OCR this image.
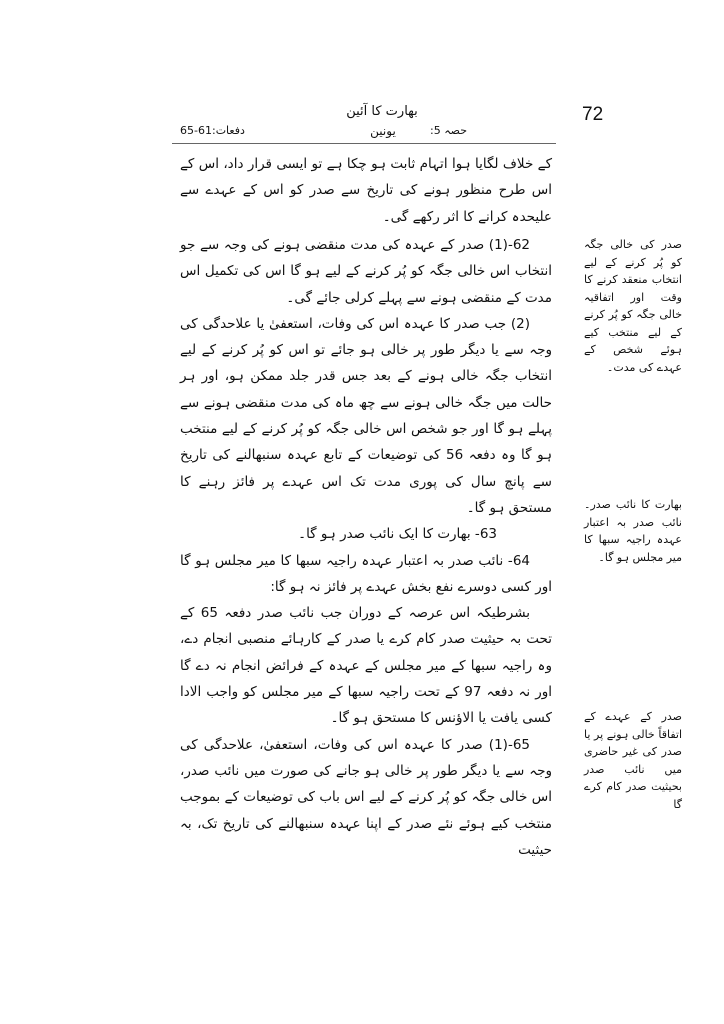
72
بھارت کا آئین
حصہ 5:
یونین
دفعات:61-65

کے خلاف لگایا ہوا اتہام ثابت ہو چکا ہے تو ایسی قرار داد، اس کے اس طرح منظور ہونے کی تاریخ سے صدر کو اس کے عہدے سے علیحدہ کرانے کا اثر رکھے گی۔

62-(1) صدر کے عہدہ کی مدت منقضی ہونے کی وجہ سے جو انتخاب اس خالی جگہ کو پُر کرنے کے لیے ہو گا اس کی تکمیل اس مدت کے منقضی ہونے سے پہلے کرلی جائے گی۔

(2) جب صدر کا عہدہ اس کی وفات، استعفیٰ یا علاحدگی کی وجہ سے یا دیگر طور پر خالی ہو جائے تو اس کو پُر کرنے کے لیے انتخاب جگہ خالی ہونے کے بعد جس قدر جلد ممکن ہو، اور ہر حالت میں جگہ خالی ہونے سے چھ ماہ کی مدت منقضی ہونے سے پہلے ہو گا اور جو شخص اس خالی جگہ کو پُر کرنے کے لیے منتخب ہو گا وہ دفعہ 56 کی توضیعات کے تابع عہدہ سنبھالنے کی تاریخ سے پانچ سال کی پوری مدت تک اس عہدے پر فائز رہنے کا مستحق ہو گا۔

63- بھارت کا ایک نائب صدر ہو گا۔

64- نائب صدر بہ اعتبار عہدہ راجیہ سبھا کا میر مجلس ہو گا اور کسی دوسرے نفع بخش عہدے پر فائز نہ ہو گا:

بشرطیکہ اس عرصہ کے دوران جب نائب صدر دفعہ 65 کے تحت بہ حیثیت صدر کام کرے یا صدر کے کارہائے منصبی انجام دے، وہ راجیہ سبھا کے میر مجلس کے عہدہ کے فرائض انجام نہ دے گا اور نہ دفعہ 97 کے تحت راجیہ سبھا کے میر مجلس کو واجب الادا کسی یافت یا الاؤنس کا مستحق ہو گا۔

65-(1) صدر کا عہدہ اس کی وفات، استعفیٰ، علاحدگی کی وجہ سے یا دیگر طور پر خالی ہو جانے کی صورت میں نائب صدر، اس خالی جگہ کو پُر کرنے کے لیے اس باب کی توضیعات کے بموجب منتخب کیے ہوئے نئے صدر کے اپنا عہدہ سنبھالنے کی تاریخ تک، بہ حیثیت

صدر کی خالی جگہ کو پُر کرنے کے لیے انتخاب منعقد کرنے کا وقت اور اتفاقیہ خالی جگہ کو پُر کرنے کے لیے منتخب کیے ہوئے شخص کے عہدے کی مدت۔
بھارت کا نائب صدر۔ نائب صدر بہ اعتبار عہدہ راجیہ سبھا کا میر مجلس ہو گا۔
صدر کے عہدے کے اتفاقاً خالی ہونے پر یا صدر کی غیر حاضری میں نائب صدر بحیثیت صدر کام کرے گا
